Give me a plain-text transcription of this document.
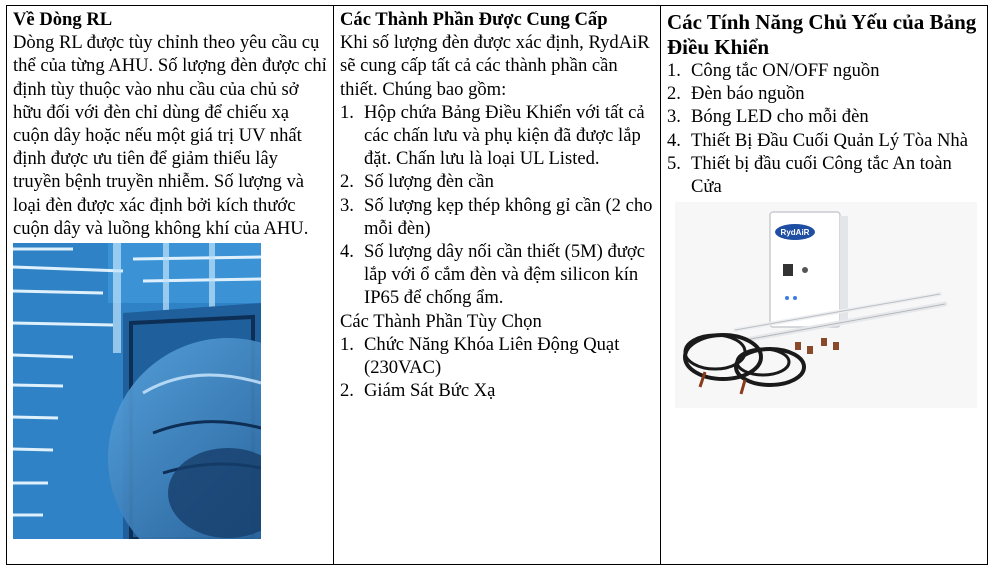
Về Dòng RL
Dòng RL được tùy chỉnh theo yêu cầu cụ thể của từng AHU. Số lượng đèn được chỉ định tùy thuộc vào nhu cầu của chủ sở hữu đối với đèn chỉ dùng để chiếu xạ cuộn dây hoặc nếu một giá trị UV nhất định được ưu tiên để giảm thiểu lây truyền bệnh truyền nhiễm. Số lượng và loại đèn được xác định bởi kích thước cuộn dây và luồng không khí của AHU.

Các Thành Phần Được Cung Cấp
Khi số lượng đèn được xác định, RydAiR sẽ cung cấp tất cả các thành phần cần thiết. Chúng bao gồm:
1. Hộp chứa Bảng Điều Khiển với tất cả các chấn lưu và phụ kiện đã được lắp đặt. Chấn lưu là loại UL Listed.
2. Số lượng đèn cần
3. Số lượng kẹp thép không gỉ cần (2 cho mỗi đèn)
4. Số lượng dây nối cần thiết (5M) được lắp với ổ cắm đèn và đệm silicon kín IP65 để chống ẩm.
Các Thành Phần Tùy Chọn
1. Chức Năng Khóa Liên Động Quạt (230VAC)
2. Giám Sát Bức Xạ

Các Tính Năng Chủ Yếu của Bảng Điều Khiển
1. Công tắc ON/OFF nguồn
2. Đèn báo nguồn
3. Bóng LED cho mỗi đèn
4. Thiết Bị Đầu Cuối Quản Lý Tòa Nhà
5. Thiết bị đầu cuối Công tắc An toàn Cửa
RydAiR
